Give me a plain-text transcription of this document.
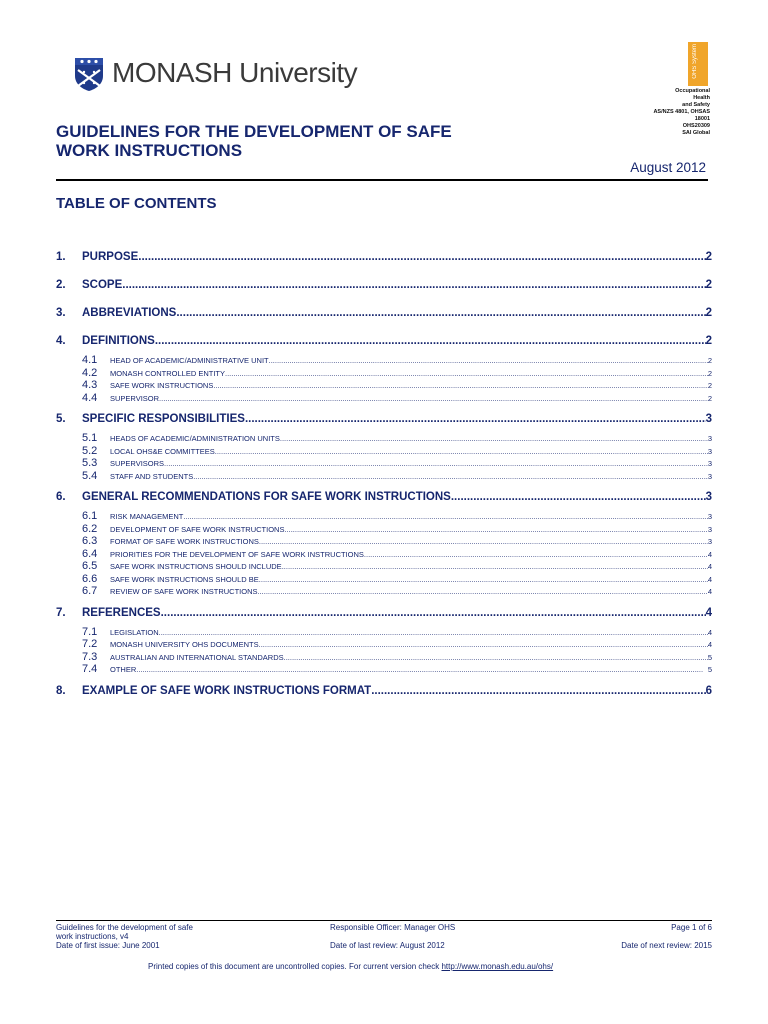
MONASH University	OHS System
Occupational
Health
and Safety
AS/NZS 4801, OHSAS
18001
OHS20309
SAI Global
GUIDELINES FOR THE DEVELOPMENT OF SAFE
WORK INSTRUCTIONS
August 2012
TABLE OF CONTENTS
1.	PURPOSE .....	2
2.	SCOPE .....	2
3.	ABBREVIATIONS .....	2
4.	DEFINITIONS .....	2
4.1	HEAD OF ACADEMIC/ADMINISTRATIVE UNIT .....	2
4.2	MONASH CONTROLLED ENTITY .....	2
4.3	SAFE WORK INSTRUCTIONS .....	2
4.4	SUPERVISOR .....	2
5.	SPECIFIC RESPONSIBILITIES .....	3
5.1	HEADS OF ACADEMIC/ADMINISTRATION UNITS .....	3
5.2	LOCAL OHS&E COMMITTEES .....	3
5.3	SUPERVISORS .....	3
5.4	STAFF AND STUDENTS .....	3
6.	GENERAL RECOMMENDATIONS FOR SAFE WORK INSTRUCTIONS .....	3
6.1	RISK MANAGEMENT .....	3
6.2	DEVELOPMENT OF SAFE WORK INSTRUCTIONS .....	3
6.3	FORMAT OF SAFE WORK INSTRUCTIONS .....	3
6.4	PRIORITIES FOR THE DEVELOPMENT OF SAFE WORK INSTRUCTIONS .....	4
6.5	SAFE WORK INSTRUCTIONS SHOULD INCLUDE .....	4
6.6	SAFE WORK INSTRUCTIONS SHOULD BE .....	4
6.7	REVIEW OF SAFE WORK INSTRUCTIONS .....	4
7.	REFERENCES .....	4
7.1	LEGISLATION .....	4
7.2	MONASH UNIVERSITY OHS DOCUMENTS .....	4
7.3	AUSTRALIAN AND INTERNATIONAL STANDARDS .....	5
7.4	OTHER .....	5
8.	EXAMPLE OF SAFE WORK INSTRUCTIONS FORMAT .....	6
Guidelines for the development of safe
work instructions, v4
Date of first issue: June 2001
Responsible Officer: Manager OHS
Date of last review: August 2012
Page 1 of 6
Date of next review: 2015
Printed copies of this document are uncontrolled copies. For current version check http://www.monash.edu.au/ohs/
